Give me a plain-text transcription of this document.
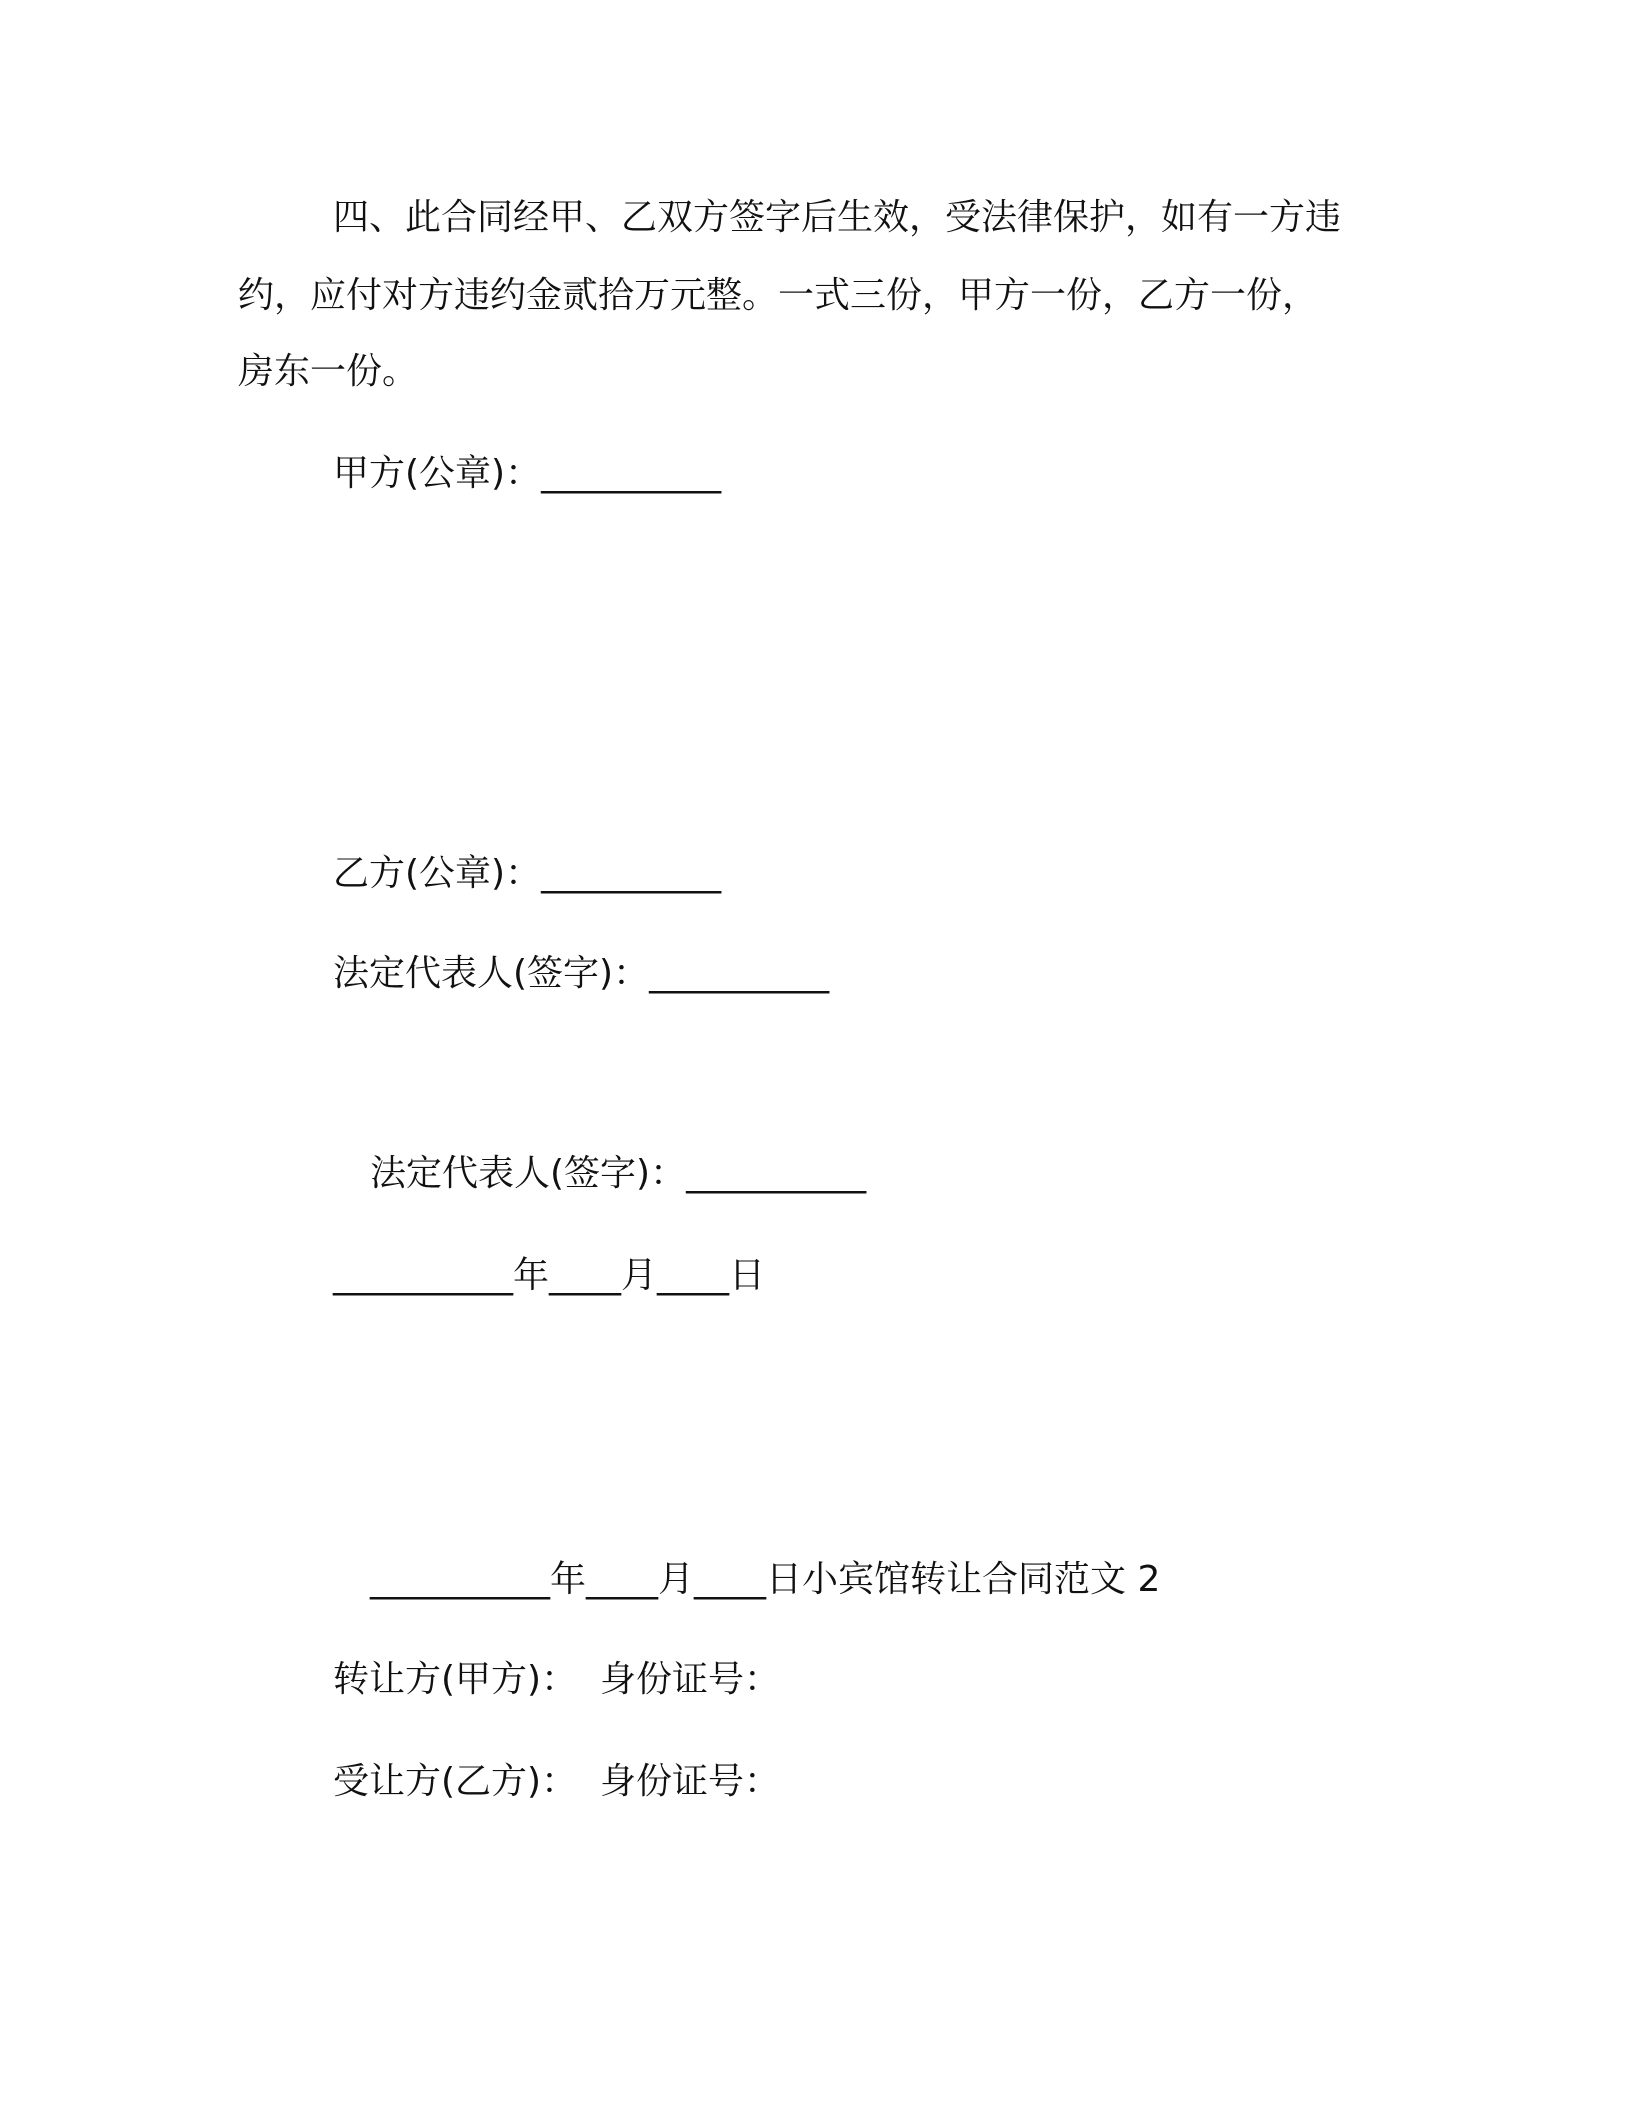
四、此合同经甲、乙双方签字后生效，受法律保护，如有一方违
约，应付对方违约金贰拾万元整。一式三份，甲方一份，乙方一份，
房东一份。
甲方(公章)：__________
乙方(公章)：__________
法定代表人(签字)：__________
法定代表人(签字)：__________
__________年____月____日
__________年____月____日小宾馆转让合同范文 2
转让方(甲方)：  身份证号：
受让方(乙方)：  身份证号：
